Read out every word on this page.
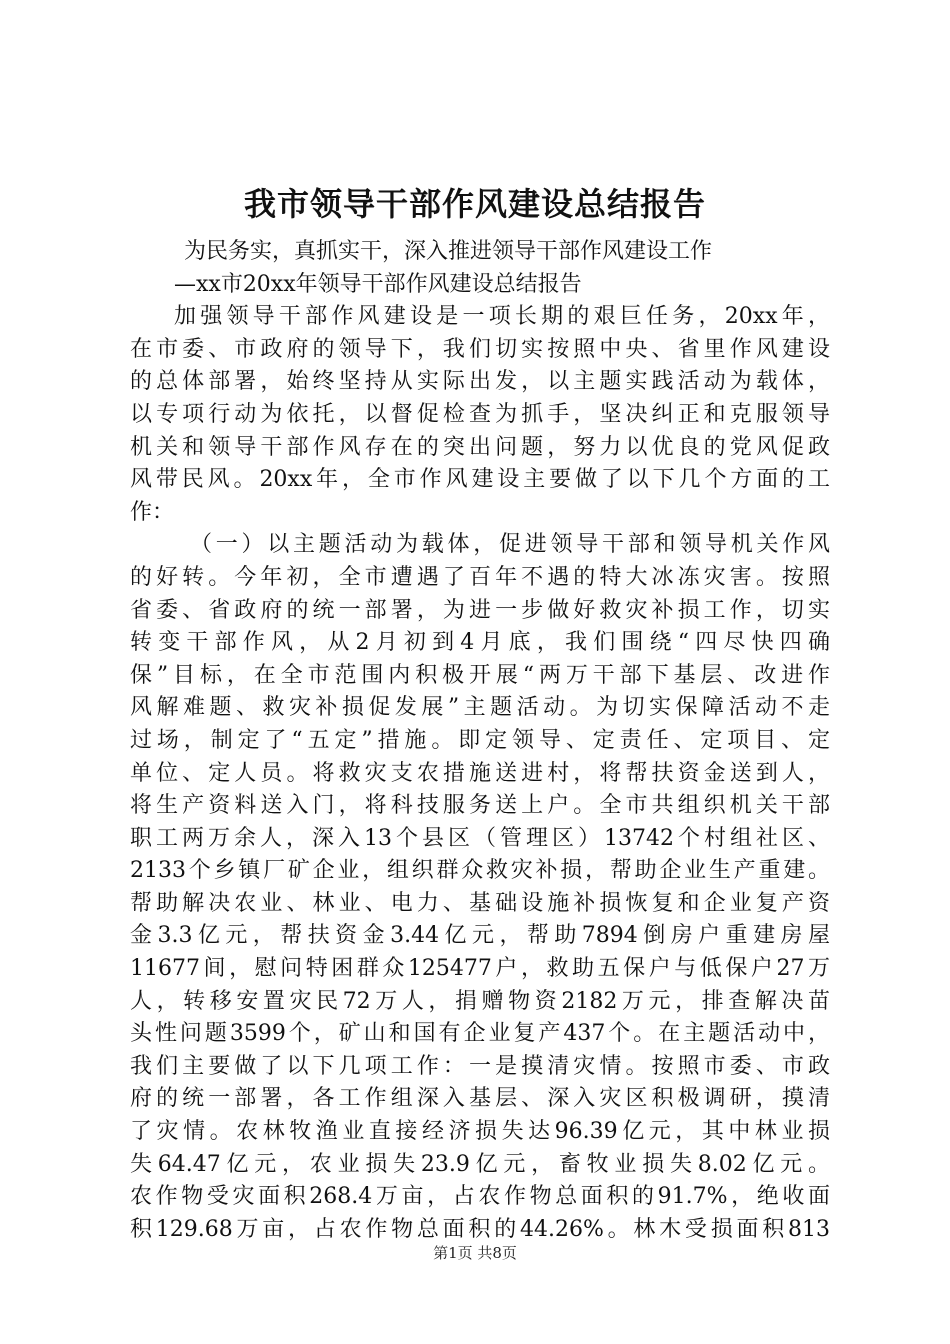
我市领导干部作风建设总结报告
为民务实，真抓实干，深入推进领导干部作风建设工作
—xx市20xx年领导干部作风建设总结报告
加强领导干部作风建设是一项长期的艰巨任务，20xx年，
在市委、市政府的领导下，我们切实按照中央、省里作风建设
的总体部署，始终坚持从实际出发，以主题实践活动为载体，
以专项行动为依托，以督促检查为抓手，坚决纠正和克服领导
机关和领导干部作风存在的突出问题，努力以优良的党风促政
风带民风。20xx年，全市作风建设主要做了以下几个方面的工
作：
（一）以主题活动为载体，促进领导干部和领导机关作风
的好转。今年初，全市遭遇了百年不遇的特大冰冻灾害。按照
省委、省政府的统一部署，为进一步做好救灾补损工作，切实
转变干部作风，从2月初到4月底，我们围绕“四尽快四确
保”目标，在全市范围内积极开展“两万干部下基层、改进作
风解难题、救灾补损促发展”主题活动。为切实保障活动不走
过场，制定了“五定”措施。即定领导、定责任、定项目、定
单位、定人员。将救灾支农措施送进村，将帮扶资金送到人，
将生产资料送入门，将科技服务送上户。全市共组织机关干部
职工两万余人，深入13个县区（管理区）13742个村组社区、
2133个乡镇厂矿企业，组织群众救灾补损，帮助企业生产重建。
帮助解决农业、林业、电力、基础设施补损恢复和企业复产资
金3.3亿元，帮扶资金3.44亿元，帮助7894倒房户重建房屋
11677间，慰问特困群众125477户，救助五保户与低保户27万
人，转移安置灾民72万人，捐赠物资2182万元，排查解决苗
头性问题3599个，矿山和国有企业复产437个。在主题活动中，
我们主要做了以下几项工作：一是摸清灾情。按照市委、市政
府的统一部署，各工作组深入基层、深入灾区积极调研，摸清
了灾情。农林牧渔业直接经济损失达96.39亿元，其中林业损
失64.47亿元，农业损失23.9亿元，畜牧业损失8.02亿元。
农作物受灾面积268.4万亩，占农作物总面积的91.7%，绝收面
积129.68万亩，占农作物总面积的44.26%。林木受损面积813
第1页 共8页
